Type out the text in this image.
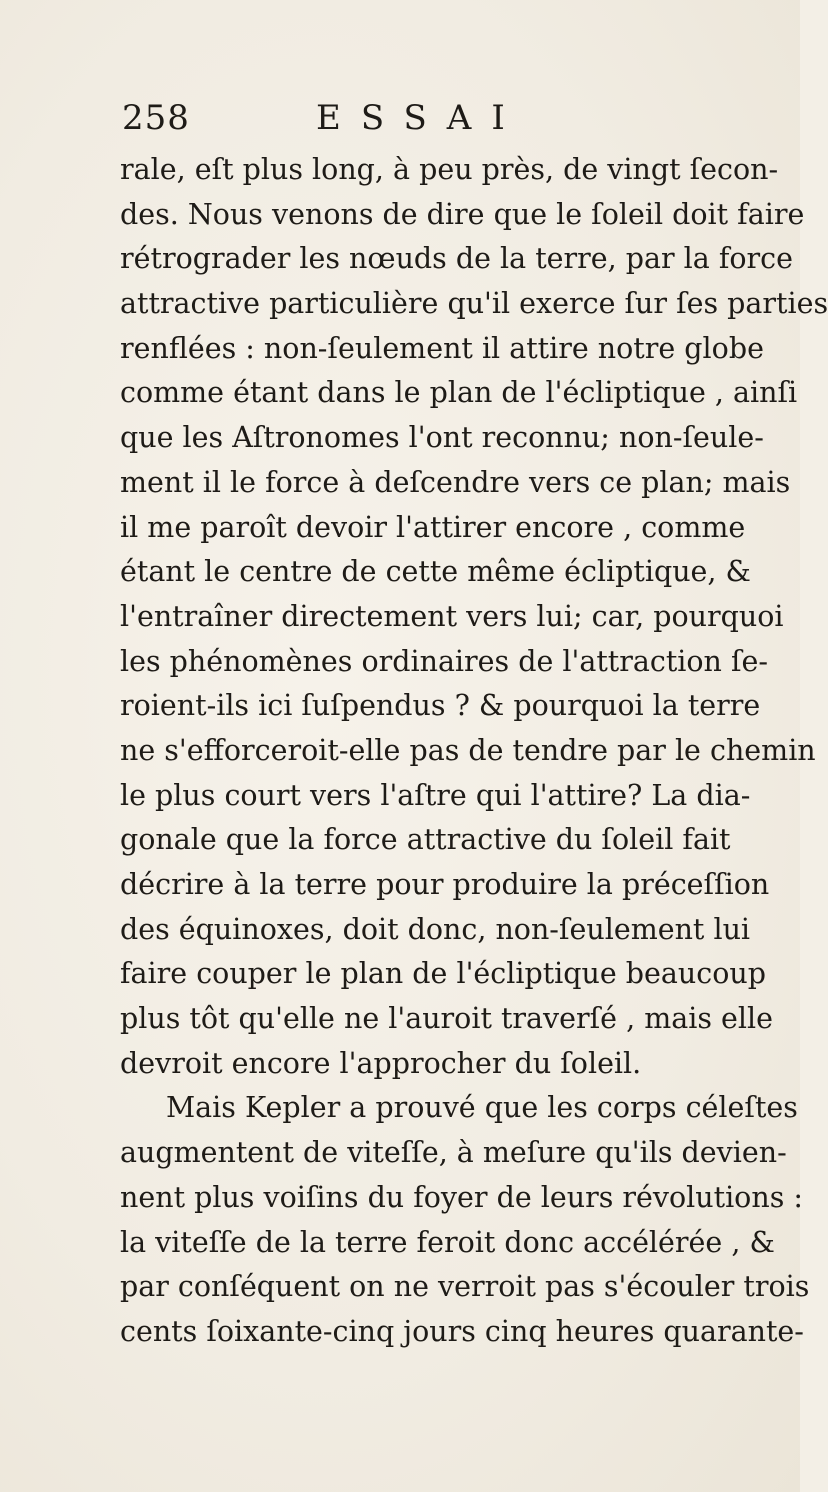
258	ESSAI
rale, eſt plus long, à peu près, de vingt ſecon-
des. Nous venons de dire que le ſoleil doit faire
rétrograder les nœuds de la terre, par la force
attractive particulière qu'il exerce ſur ſes parties
renflées : non-ſeulement il attire notre globe
comme étant dans le plan de l'écliptique , ainſi
que les Aſtronomes l'ont reconnu; non-ſeule-
ment il le force à deſcendre vers ce plan; mais
il me paroît devoir l'attirer encore , comme
étant le centre de cette même écliptique, &
l'entraîner directement vers lui; car, pourquoi
les phénomènes ordinaires de l'attraction ſe-
roient-ils ici ſuſpendus ? & pourquoi la terre
ne s'efforceroit-elle pas de tendre par le chemin
le plus court vers l'aſtre qui l'attire? La dia-
gonale que la force attractive du ſoleil fait
décrire à la terre pour produire la préceſſion
des équinoxes, doit donc, non-ſeulement lui
faire couper le plan de l'écliptique beaucoup
plus tôt qu'elle ne l'auroit traverſé , mais elle
devroit encore l'approcher du ſoleil.
Mais Kepler a prouvé que les corps céleſtes
augmentent de viteſſe, à meſure qu'ils devien-
nent plus voiſins du foyer de leurs révolutions :
la viteſſe de la terre feroit donc accélérée , &
par conſéquent on ne verroit pas s'écouler trois
cents ſoixante-cinq jours cinq heures quarante-
